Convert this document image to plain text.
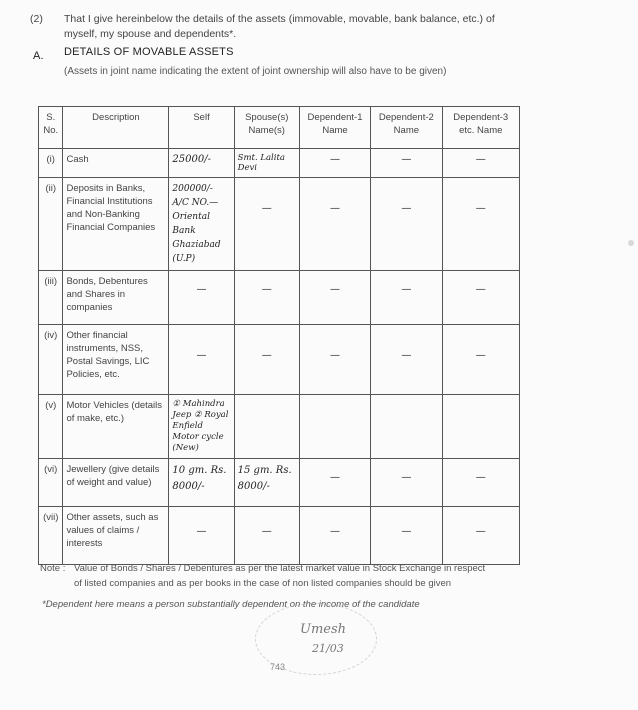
(2) That I give hereinbelow the details of the assets (immovable, movable, bank balance, etc.) of
myself, my spouse and dependents*.
A. DETAILS OF MOVABLE ASSETS
(Assets in joint name indicating the extent of joint ownership will also have to be given)
S. No.	Description	Self	Spouse(s) Name(s)	Dependent-1 Name	Dependent-2 Name	Dependent-3 etc. Name
(i)	Cash	25000/-	Smt. Lalita Devi	—	—	—
(ii)	Deposits in Banks, Financial Institutions and Non-Banking Financial Companies	200000/- A/C NO.— Oriental Bank Ghaziabad (U.P)	—	—	—	—
(iii)	Bonds, Debentures and Shares in companies	—	—	—	—	—
(iv)	Other financial instruments, NSS, Postal Savings, LIC Policies, etc.	—	—	—	—	—
(v)	Motor Vehicles (details of make, etc.)	① Mahindra Jeep ② Royal Enfield Motor cycle (New)				
(vi)	Jewellery (give details of weight and value)	10 gm. Rs. 8000/-	15 gm. Rs. 8000/-	—	—	—
(vii)	Other assets, such as values of claims / interests	—	—	—	—	—
Note : Value of Bonds / Shares / Debentures as per the latest market value in Stock Exchange in respect
of listed companies and as per books in the case of non listed companies should be given
*Dependent here means a person substantially dependent on the income of the candidate
Umesh
21/03
743
